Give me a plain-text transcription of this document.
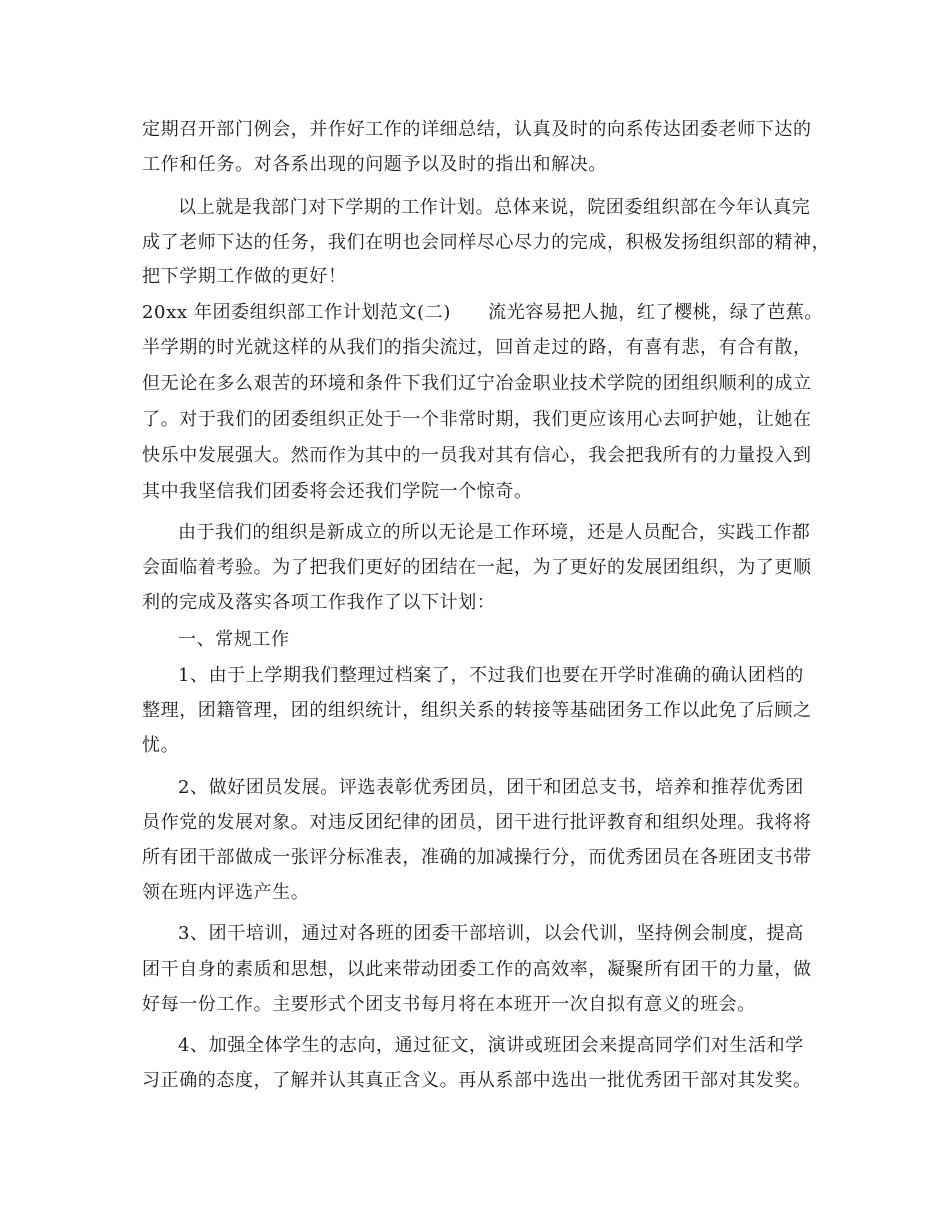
定期召开部门例会，并作好工作的详细总结，认真及时的向系传达团委老师下达的
工作和任务。对各系出现的问题予以及时的指出和解决。
以上就是我部门对下学期的工作计划。总体来说，院团委组织部在今年认真完
成了老师下达的任务，我们在明也会同样尽心尽力的完成，积极发扬组织部的精神，
把下学期工作做的更好！
20xx 年团委组织部工作计划范文(二)　　流光容易把人抛，红了樱桃，绿了芭蕉。
半学期的时光就这样的从我们的指尖流过，回首走过的路，有喜有悲，有合有散，
但无论在多么艰苦的环境和条件下我们辽宁冶金职业技术学院的团组织顺利的成立
了。对于我们的团委组织正处于一个非常时期，我们更应该用心去呵护她，让她在
快乐中发展强大。然而作为其中的一员我对其有信心，我会把我所有的力量投入到
其中我坚信我们团委将会还我们学院一个惊奇。
由于我们的组织是新成立的所以无论是工作环境，还是人员配合，实践工作都
会面临着考验。为了把我们更好的团结在一起，为了更好的发展团组织，为了更顺
利的完成及落实各项工作我作了以下计划：
一、常规工作
1、由于上学期我们整理过档案了，不过我们也要在开学时准确的确认团档的
整理，团籍管理，团的组织统计，组织关系的转接等基础团务工作以此免了后顾之
忧。
2、做好团员发展。评选表彰优秀团员，团干和团总支书，培养和推荐优秀团
员作党的发展对象。对违反团纪律的团员，团干进行批评教育和组织处理。我将将
所有团干部做成一张评分标准表，准确的加减操行分，而优秀团员在各班团支书带
领在班内评选产生。
3、团干培训，通过对各班的团委干部培训，以会代训，坚持例会制度，提高
团干自身的素质和思想，以此来带动团委工作的高效率，凝聚所有团干的力量，做
好每一份工作。主要形式个团支书每月将在本班开一次自拟有意义的班会。
4、加强全体学生的志向，通过征文，演讲或班团会来提高同学们对生活和学
习正确的态度，了解并认其真正含义。再从系部中选出一批优秀团干部对其发奖。
